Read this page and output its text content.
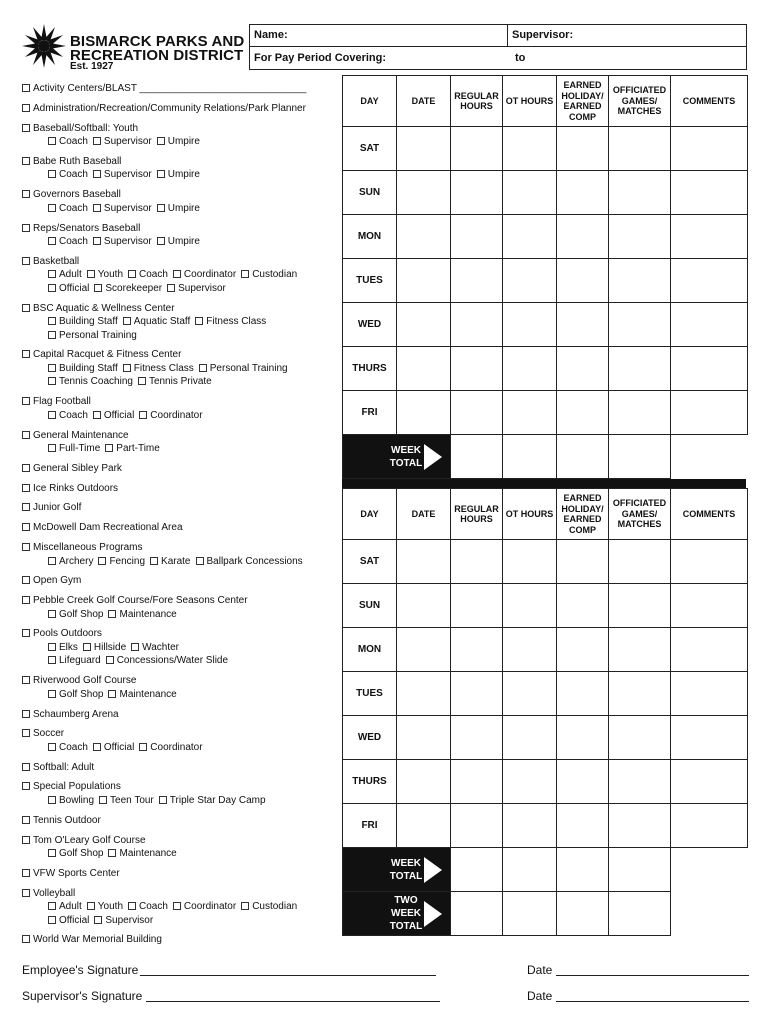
BISMARCK PARKS AND
RECREATION DISTRICT
Est. 1927
Name:	Supervisor:
For Pay Period Covering:	to
Activity Centers/BLAST ______________________________
Administration/Recreation/Community Relations/Park Planner
Baseball/Softball: Youth
Coach Supervisor Umpire
Babe Ruth Baseball
Coach Supervisor Umpire
Governors Baseball
Coach Supervisor Umpire
Reps/Senators Baseball
Coach Supervisor Umpire
Basketball
Adult Youth Coach Coordinator Custodian
Official Scorekeeper Supervisor
BSC Aquatic & Wellness Center
Building Staff Aquatic Staff Fitness Class
Personal Training
Capital Racquet & Fitness Center
Building Staff Fitness Class Personal Training
Tennis Coaching Tennis Private
Flag Football
Coach Official Coordinator
General Maintenance
Full-Time Part-Time
General Sibley Park
Ice Rinks Outdoors
Junior Golf
McDowell Dam Recreational Area
Miscellaneous Programs
Archery Fencing Karate Ballpark Concessions
Open Gym
Pebble Creek Golf Course/Fore Seasons Center
Golf Shop Maintenance
Pools Outdoors
Elks Hillside Wachter
Lifeguard Concessions/Water Slide
Riverwood Golf Course
Golf Shop Maintenance
Schaumberg Arena
Soccer
Coach Official Coordinator
Softball: Adult
Special Populations
Bowling Teen Tour Triple Star Day Camp
Tennis Outdoor
Tom O'Leary Golf Course
Golf Shop Maintenance
VFW Sports Center
Volleyball
Adult Youth Coach Coordinator Custodian
Official Supervisor
World War Memorial Building
DAY	DATE	REGULAR HOURS	OT HOURS	EARNED HOLIDAY/ EARNED COMP	OFFICIATED GAMES/ MATCHES	COMMENTS
SAT						
SUN						
MON						
TUES						
WED						
THURS						
FRI						

WEEK TOTAL						

DAY	DATE	REGULAR HOURS	OT HOURS	EARNED HOLIDAY/ EARNED COMP	OFFICIATED GAMES/ MATCHES	COMMENTS
SAT						
SUN						
MON						
TUES						
WED						
THURS						
FRI						

WEEK TOTAL						

TWO WEEK TOTAL						

Employee's Signature	Date
Supervisor's Signature	Date
